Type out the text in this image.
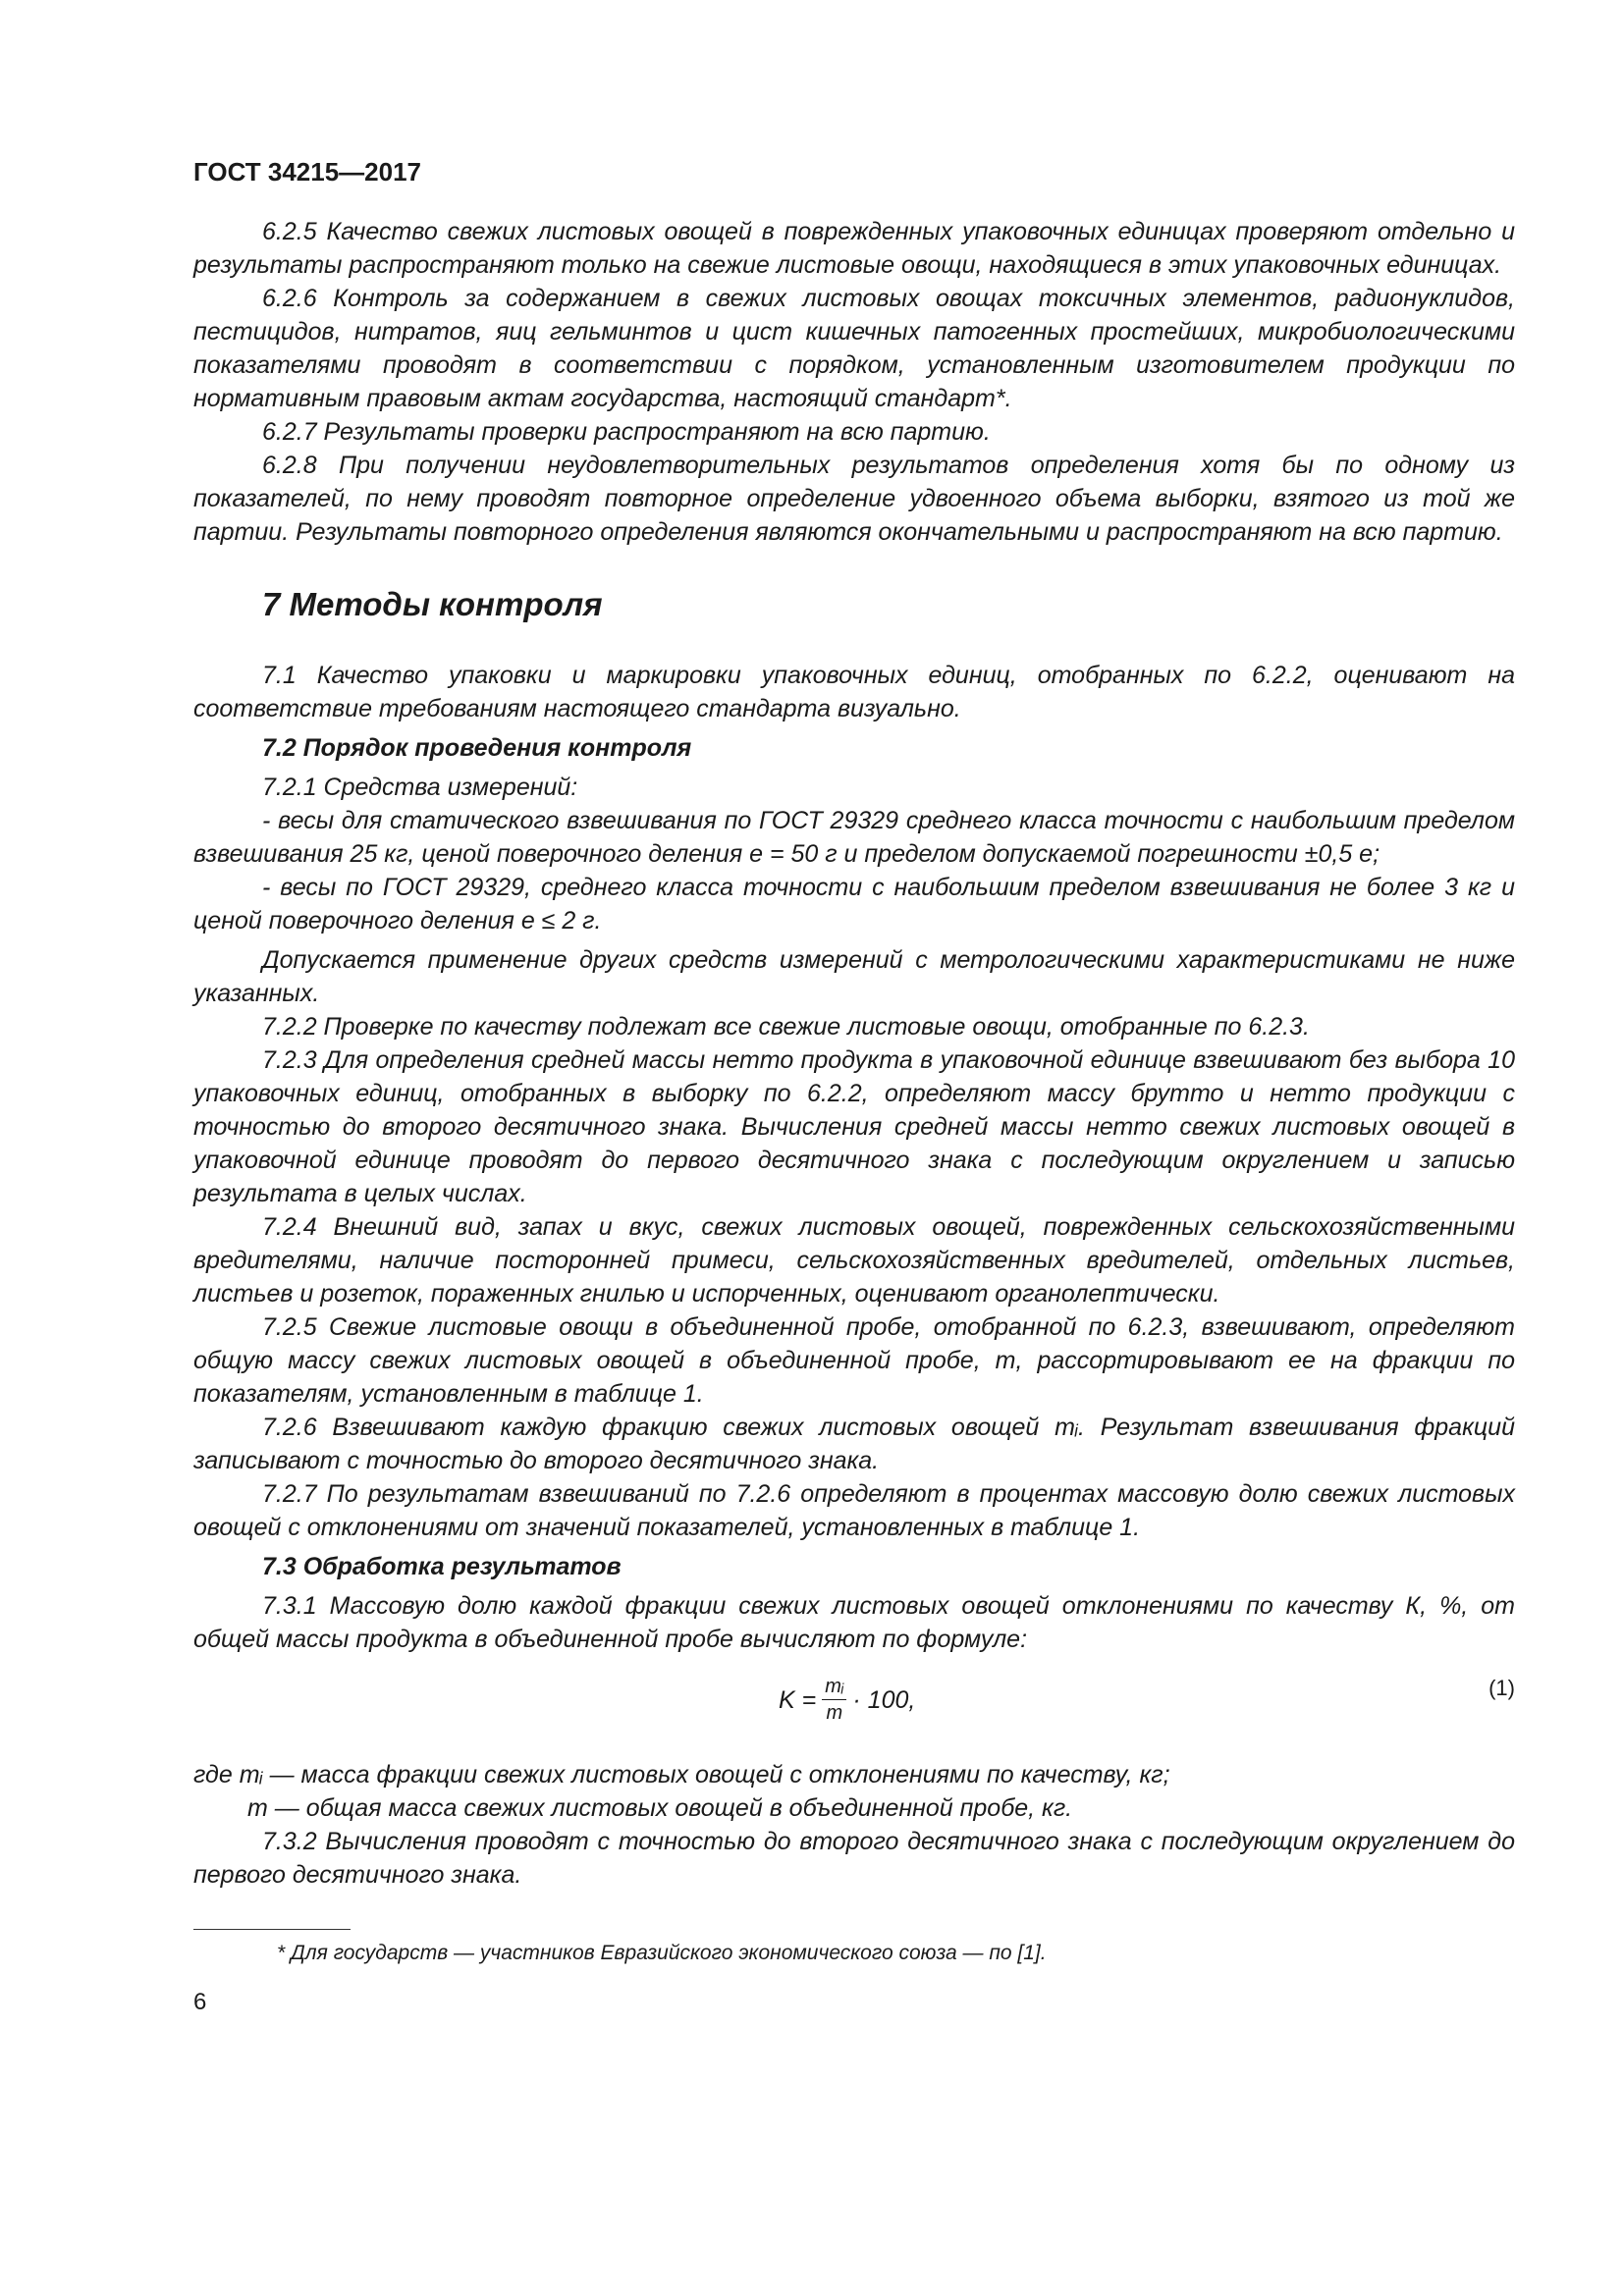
ГОСТ 34215—2017

6.2.5 Качество свежих листовых овощей в поврежденных упаковочных единицах проверяют отдельно и результаты распространяют только на свежие листовые овощи, находящиеся в этих упаковочных единицах.

6.2.6 Контроль за содержанием в свежих листовых овощах токсичных элементов, радионуклидов, пестицидов, нитратов, яиц гельминтов и цист кишечных патогенных простейших, микробиологическими показателями проводят в соответствии с порядком, установленным изготовителем продукции по нормативным правовым актам государства, настоящий стандарт*.

6.2.7 Результаты проверки распространяют на всю партию.

6.2.8 При получении неудовлетворительных результатов определения хотя бы по одному из показателей, по нему проводят повторное определение удвоенного объема выборки, взятого из той же партии. Результаты повторного определения являются окончательными и распространяют на всю партию.

7 Методы контроля

7.1 Качество упаковки и маркировки упаковочных единиц, отобранных по 6.2.2, оценивают на соответствие требованиям настоящего стандарта визуально.

7.2 Порядок проведения контроля

7.2.1 Средства измерений:

- весы для статического взвешивания по ГОСТ 29329 среднего класса точности с наибольшим пределом взвешивания 25 кг, ценой поверочного деления е = 50 г и пределом допускаемой погрешности ±0,5 е;

- весы по ГОСТ 29329, среднего класса точности с наибольшим пределом взвешивания не более 3 кг и ценой поверочного деления е ≤ 2 г.

Допускается применение других средств измерений с метрологическими характеристиками не ниже указанных.

7.2.2 Проверке по качеству подлежат все свежие листовые овощи, отобранные по 6.2.3.

7.2.3 Для определения средней массы нетто продукта в упаковочной единице взвешивают без выбора 10 упаковочных единиц, отобранных в выборку по 6.2.2, определяют массу брутто и нетто продукции с точностью до второго десятичного знака. Вычисления средней массы нетто свежих листовых овощей в упаковочной единице проводят до первого десятичного знака с последующим округлением и записью результата в целых числах.

7.2.4 Внешний вид, запах и вкус, свежих листовых овощей, поврежденных сельскохозяйственными вредителями, наличие посторонней примеси, сельскохозяйственных вредителей, отдельных листьев, листьев и розеток, пораженных гнилью и испорченных, оценивают органолептически.

7.2.5 Свежие листовые овощи в объединенной пробе, отобранной по 6.2.3, взвешивают, определяют общую массу свежих листовых овощей в объединенной пробе, m, рассортировывают ее на фракции по показателям, установленным в таблице 1.

7.2.6 Взвешивают каждую фракцию свежих листовых овощей mᵢ. Результат взвешивания фракций записывают с точностью до второго десятичного знака.

7.2.7 По результатам взвешиваний по 7.2.6 определяют в процентах массовую долю свежих листовых овощей с отклонениями от значений показателей, установленных в таблице 1.

7.3 Обработка результатов

7.3.1 Массовую долю каждой фракции свежих листовых овощей отклонениями по качеству К, %, от общей массы продукта в объединенной пробе вычисляют по формуле:

$K = \frac{\text{mᵢ}}{m} \cdot 100$,	(1)

где mᵢ — масса фракции свежих листовых овощей с отклонениями по качеству, кг;

m — общая масса свежих листовых овощей в объединенной пробе, кг.

7.3.2 Вычисления проводят с точностью до второго десятичного знака с последующим округлением до первого десятичного знака.

* Для государств — участников Евразийского экономического союза — по [1].

6
